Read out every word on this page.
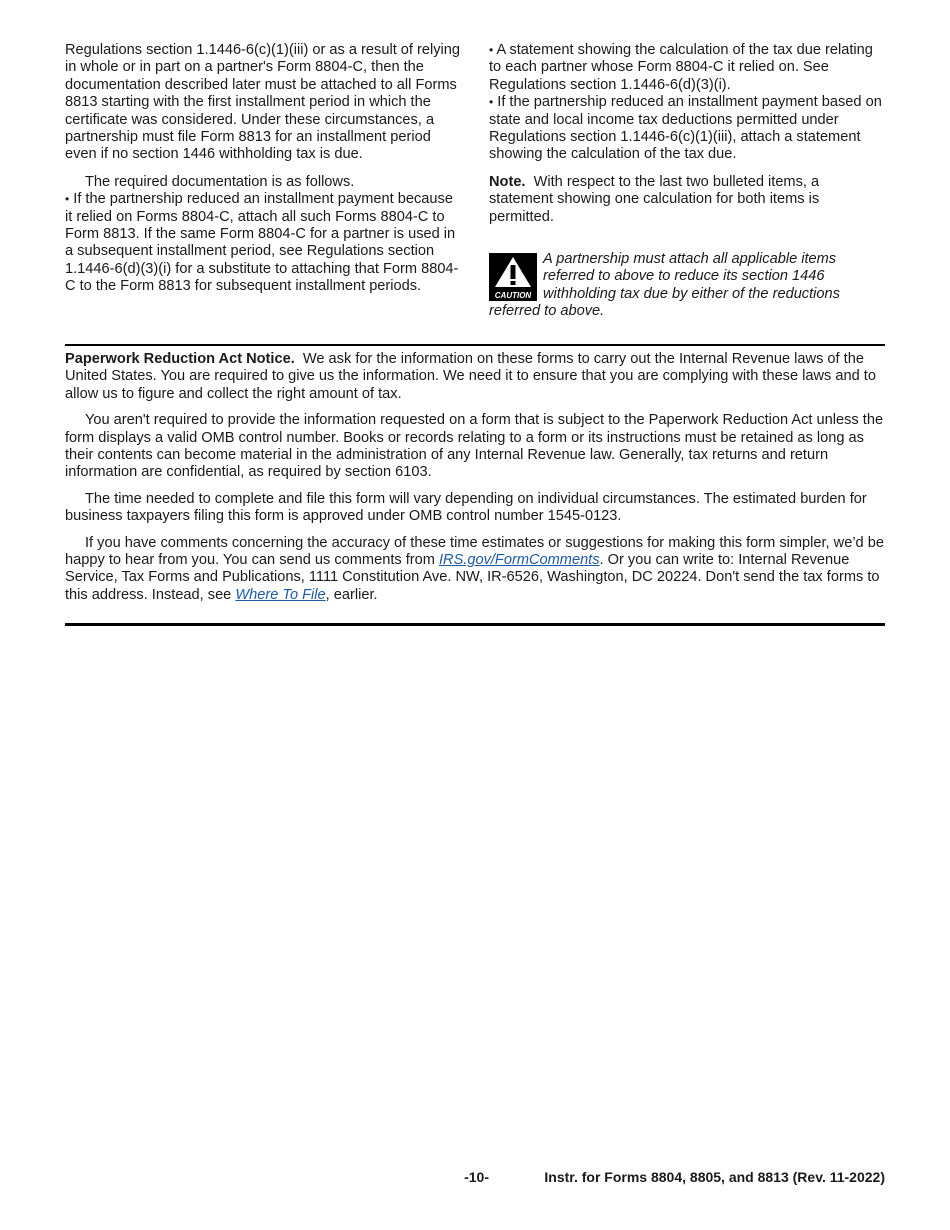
Regulations section 1.1446-6(c)(1)(iii) or as a result of relying in whole or in part on a partner's Form 8804-C, then the documentation described later must be attached to all Forms 8813 starting with the first installment period in which the certificate was considered. Under these circumstances, a partnership must file Form 8813 for an installment period even if no section 1446 withholding tax is due.

The required documentation is as follows.

• If the partnership reduced an installment payment because it relied on Forms 8804-C, attach all such Forms 8804-C to Form 8813. If the same Form 8804-C for a partner is used in a subsequent installment period, see Regulations section 1.1446-6(d)(3)(i) for a substitute to attaching that Form 8804-C to the Form 8813 for subsequent installment periods.

• A statement showing the calculation of the tax due relating to each partner whose Form 8804-C it relied on. See Regulations section 1.1446-6(d)(3)(i).

• If the partnership reduced an installment payment based on state and local income tax deductions permitted under Regulations section 1.1446-6(c)(1)(iii), attach a statement showing the calculation of the tax due.

Note. With respect to the last two bulleted items, a statement showing one calculation for both items is permitted.

CAUTION
A partnership must attach all applicable items referred to above to reduce its section 1446 withholding tax due by either of the reductions referred to above.

Paperwork Reduction Act Notice. We ask for the information on these forms to carry out the Internal Revenue laws of the United States. You are required to give us the information. We need it to ensure that you are complying with these laws and to allow us to figure and collect the right amount of tax.

You aren't required to provide the information requested on a form that is subject to the Paperwork Reduction Act unless the form displays a valid OMB control number. Books or records relating to a form or its instructions must be retained as long as their contents can become material in the administration of any Internal Revenue law. Generally, tax returns and return information are confidential, as required by section 6103.

The time needed to complete and file this form will vary depending on individual circumstances. The estimated burden for business taxpayers filing this form is approved under OMB control number 1545-0123.

If you have comments concerning the accuracy of these time estimates or suggestions for making this form simpler, we’d be happy to hear from you. You can send us comments from IRS.gov/FormComments. Or you can write to: Internal Revenue Service, Tax Forms and Publications, 1111 Constitution Ave. NW, IR-6526, Washington, DC 20224. Don't send the tax forms to this address. Instead, see Where To File, earlier.

-10-	Instr. for Forms 8804, 8805, and 8813 (Rev. 11-2022)
